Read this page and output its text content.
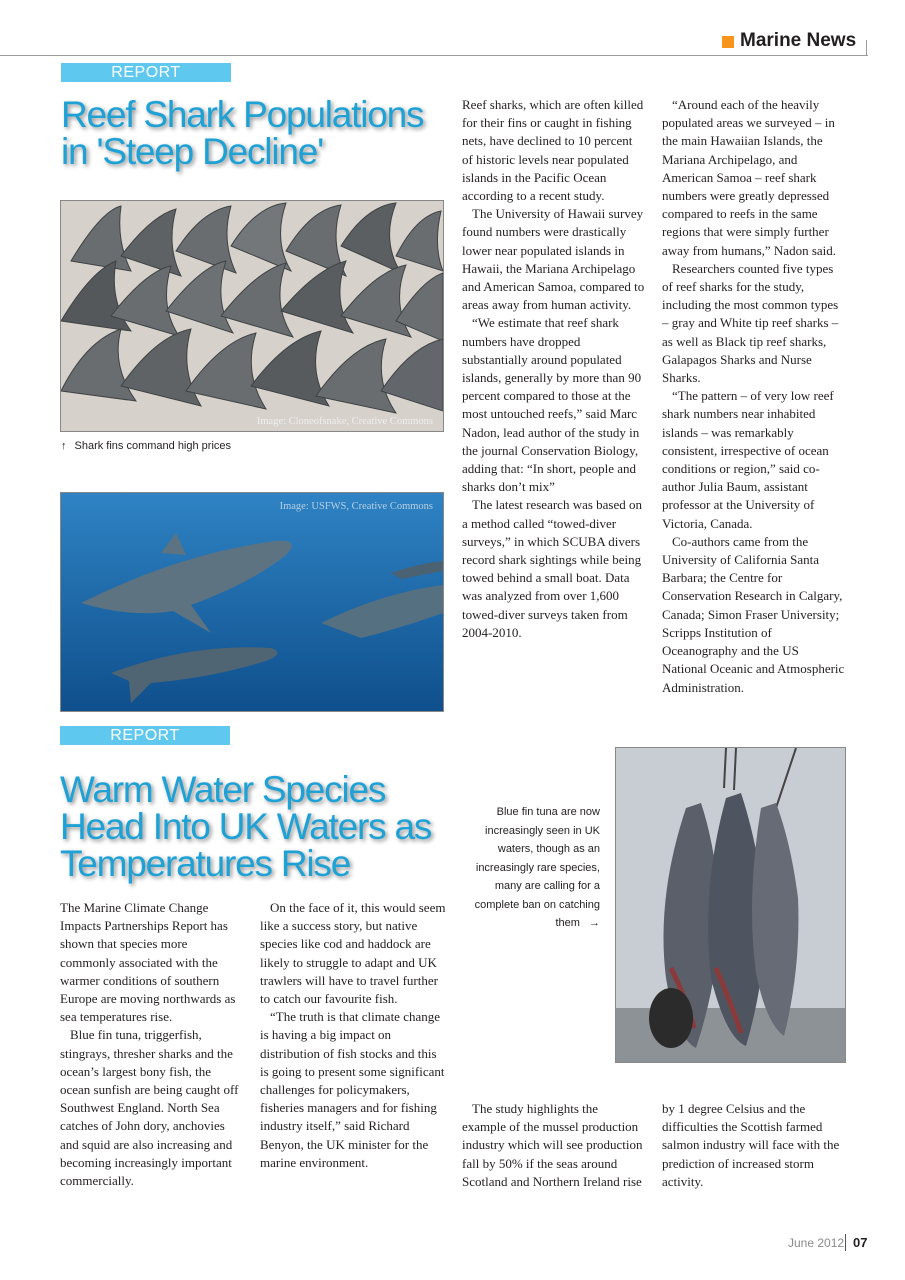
Marine News
REPORT
Reef Shark Populations
in 'Steep Decline'
Image: Cloneofsnake, Creative Commons
↑ Shark fins command high prices
Image: USFWS, Creative Commons

Reef sharks, which are often killed for their fins or caught in fishing nets, have declined to 10 percent of historic levels near populated islands in the Pacific Ocean according to a recent study.

The University of Hawaii survey found numbers were drastically lower near populated islands in Hawaii, the Mariana Archipelago and American Samoa, compared to areas away from human activity.

“We estimate that reef shark numbers have dropped substantially around populated islands, generally by more than 90 percent compared to those at the most untouched reefs,” said Marc Nadon, lead author of the study in the journal Conservation Biology, adding that: “In short, people and sharks don’t mix”

The latest research was based on a method called “towed-diver surveys,” in which SCUBA divers record shark sightings while being towed behind a small boat. Data was analyzed from over 1,600 towed-diver surveys taken from 2004-2010.

“Around each of the heavily populated areas we surveyed – in the main Hawaiian Islands, the Mariana Archipelago, and American Samoa – reef shark numbers were greatly depressed compared to reefs in the same regions that were simply further away from humans,” Nadon said.

Researchers counted five types of reef sharks for the study, including the most common types – gray and White tip reef sharks – as well as Black tip reef sharks, Galapagos Sharks and Nurse Sharks.

“The pattern – of very low reef shark numbers near inhabited islands – was remarkably consistent, irrespective of ocean conditions or region,” said co-author Julia Baum, assistant professor at the University of Victoria, Canada.

Co-authors came from the University of California Santa Barbara; the Centre for Conservation Research in Calgary, Canada; Simon Fraser University; Scripps Institution of Oceanography and the US National Oceanic and Atmospheric Administration.

REPORT
Warm Water Species
Head Into UK Waters as
Temperatures Rise
Blue fin tuna are now increasingly seen in UK waters, though as an increasingly rare species, many are calling for a complete ban on catching them →

The Marine Climate Change Impacts Partnerships Report has shown that species more commonly associated with the warmer conditions of southern Europe are moving northwards as sea temperatures rise.

Blue fin tuna, triggerfish, stingrays, thresher sharks and the ocean’s largest bony fish, the ocean sunfish are being caught off Southwest England. North Sea catches of John dory, anchovies and squid are also increasing and becoming increasingly important commercially.

On the face of it, this would seem like a success story, but native species like cod and haddock are likely to struggle to adapt and UK trawlers will have to travel further to catch our favourite fish.

“The truth is that climate change is having a big impact on distribution of fish stocks and this is going to present some significant challenges for policymakers, fisheries managers and for fishing industry itself,” said Richard Benyon, the UK minister for the marine environment.

The study highlights the example of the mussel production industry which will see production fall by 50% if the seas around Scotland and Northern Ireland rise

by 1 degree Celsius and the difficulties the Scottish farmed salmon industry will face with the prediction of increased storm activity.

June 2012 07
